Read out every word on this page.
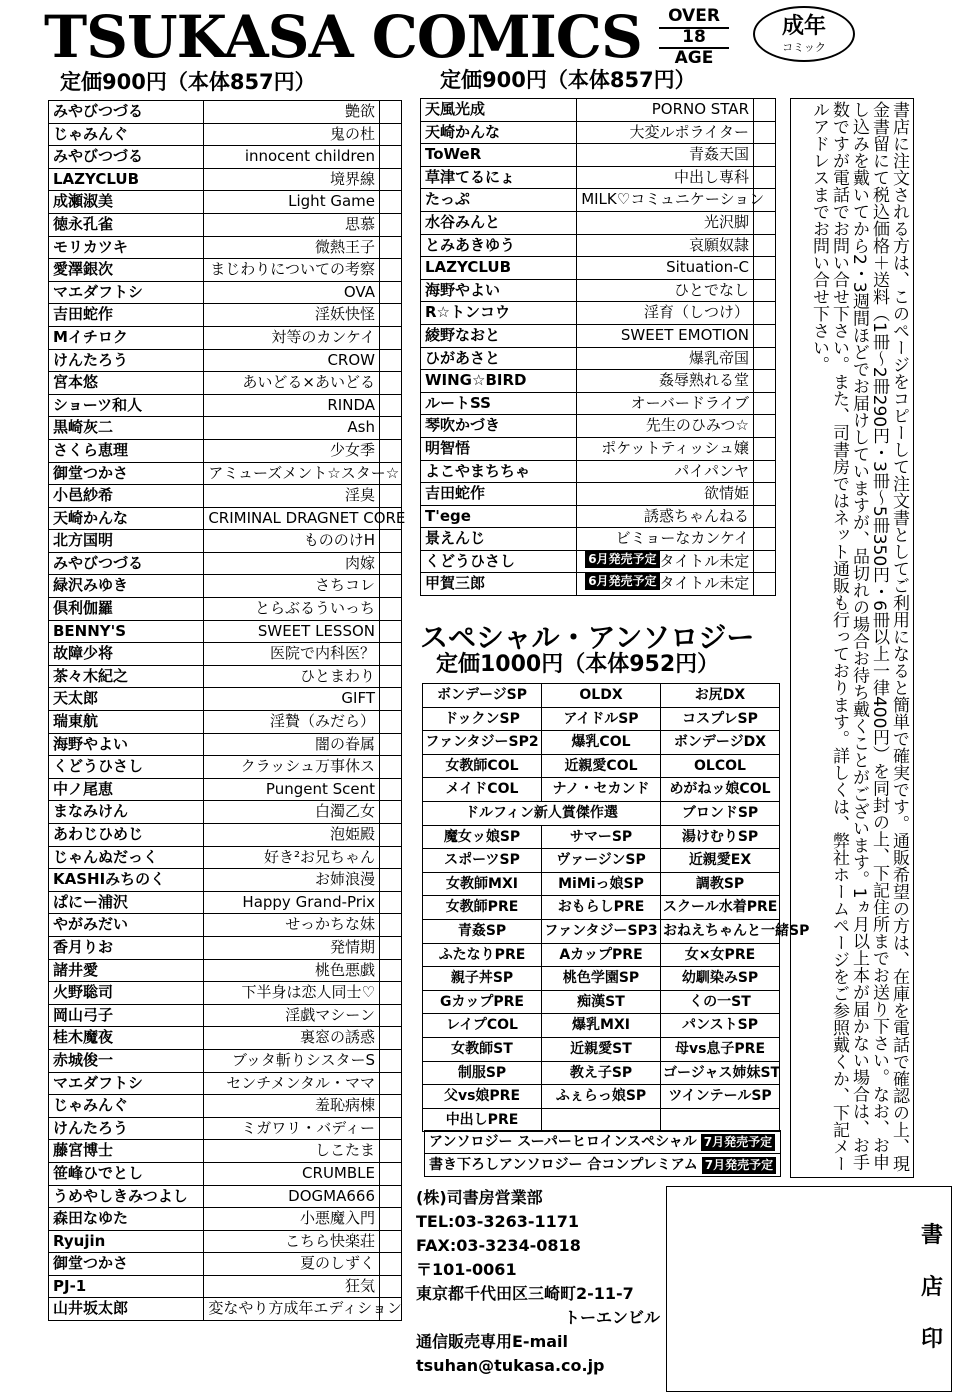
TSUKASA COMICS	OVER
18
AGE
成年
コミック
定価900円（本体857円）	定価900円（本体857円）
みやびつづる	艶欲	

じゃみんぐ	鬼の杜	

みやびつづる	innocent children	

LAZYCLUB	境界線	

成瀬淑美	Light Game	

徳永孔雀	思慕	

モリカツキ	微熱王子	

愛澤銀次	まじわりについての考察	

マエダフトシ	OVA	

吉田蛇作	淫妖快怪	

Mイチロク	対等のカンケイ	

けんたろう	CROW	

宮本悠	あいどる×あいどる	

ショーツ和人	RINDA	

黒崎灰二	Ash	

さくら恵理	少女季	

御堂つかさ	アミューズメント☆スター☆	

小邑紗希	淫臭	

天崎かんな	CRIMINAL DRAGNET CORE	

北方国明	もののけH	

みやびつづる	肉嫁	

緑沢みゆき	さちコレ	

倶利伽羅	とらぶるういっち	

BENNY'S	SWEET LESSON	

故障少将	医院で内科医？	

茶々木紀之	ひとまわり	

天太郎	GIFT	

瑞東航	淫贄（みだら）	

海野やよい	闇の眷属	

くどうひさし	クラッシュ万事休ス	

中ノ尾恵	Pungent Scent	

まなみけん	白濁乙女	

あわじひめじ	泡姫殿	

じゃんぬだっく	好き²お兄ちゃん	

KASHIみちのく	お姉浪漫	

ぱにー浦沢	Happy Grand-Prix	

やがみだい	せっかちな妹	

香月りお	発情期	

諸井愛	桃色悪戯	

火野聡司	下半身は恋人同士♡	

岡山弓子	淫戯マシーン	

桂木魔夜	裏窓の誘惑	

赤城俊一	ブッタ斬りシスターS	

マエダフトシ	センチメンタル・ママ	

じゃみんぐ	羞恥病棟	

けんたろう	ミガワリ・バディー	

藤宮博士	しこたま	

笹峰ひでとし	CRUMBLE	

うめやしきみつよし	DOGMA666	

森田なゆた	小悪魔入門	

Ryujin	こちら快楽荘	

御堂つかさ	夏のしずく	

PJ-1	狂気	

山井坂太郎	変なやり方成年エディション	
天風光成	PORNO STAR	

天崎かんな	大変ルポライター	

ToWeR	青姦天国	

草津てるにょ	中出し専科	

たっぷ	MILK♡コミュニケーション	

水谷みんと	光沢脚	

とみあきゆう	哀願奴隷	

LAZYCLUB	Situation-C	

海野やよい	ひとでなし	

R☆トンコウ	淫育（しつけ）	

綾野なおと	SWEET EMOTION	

ひがあさと	爆乳帝国	

WING☆BIRD	姦辱熟れる堂	

ルートSS	オーバードライブ	

琴吹かづき	先生のひみつ☆	

明智悟	ポケットティッシュ嬢	

よこやまちちゃ	パイパンヤ	

吉田蛇作	欲情姫	

T'ege	誘惑ちゃんねる	

景えんじ	ビミョーなカンケイ	

くどうひさし	6月発売予定 タイトル未定	

甲賀三郎	6月発売予定 タイトル未定	
スペシャル・アンソロジー
定価1000円（本体952円）
ボンデージSP	OLDX	お尻DX
ドックンSP	アイドルSP	コスプレSP
ファンタジーSP2	爆乳COL	ボンデージDX
女教師COL	近親愛COL	OLCOL
メイドCOL	ナノ・セカンド	めがねッ娘COL
ドルフィン新人賞傑作選		ブロンドSP
魔女ッ娘SP	サマーSP	湯けむりSP
スポーツSP	ヴァージンSP	近親愛EX
女教師MXI	MiMiっ娘SP	調教SP
女教師PRE	おもらしPRE	スクール水着PRE
青姦SP	ファンタジーSP3	おねえちゃんと一緒SP
ふたなりPRE	AカップPRE	女×女PRE
親子丼SP	桃色学園SP	幼馴染みSP
GカップPRE	痴漢ST	くの一ST
レイプCOL	爆乳MXI	パンストSP
女教師ST	近親愛ST	母vs息子PRE
制服SP	教え子SP	ゴージャス姉妹ST
父vs娘PRE	ふぇらっ娘SP	ツインテールSP
中出しPRE		
アンソロジー スーパーヒロインスペシャル 7月発売予定
書き下ろしアンソロジー 合コンプレミアム 7月発売予定
(株)司書房営業部
TEL:03-3263-1171
FAX:03-3234-0818
〒101-0061
東京都千代田区三崎町2-11-7
トーエンビル
通信販売専用E-mail
tsuhan@tukasa.co.jp
書店に注文される方は、このページをコピーして注文書としてご利用になると簡単で確実です。通販希望の方は、在庫を電話で確認の上、現金書留にて税込価格＋送料（1冊〜2冊290円・3冊〜5冊350円・6冊以上一律400円）を同封の上、下記住所までお送り下さい。なお、お申し込みを戴いてから2・3週間ほどでお届けしていますが、品切れの場合お待ち戴くことがございます。1ヵ月以上本が届かない場合は、お手数ですが電話でお問い合せ下さい。また、司書房ではネット通販も行っております。詳しくは、弊社ホームページをご参照戴くか、下記メールアドレスまでお問い合せ下さい。
書
店
印
